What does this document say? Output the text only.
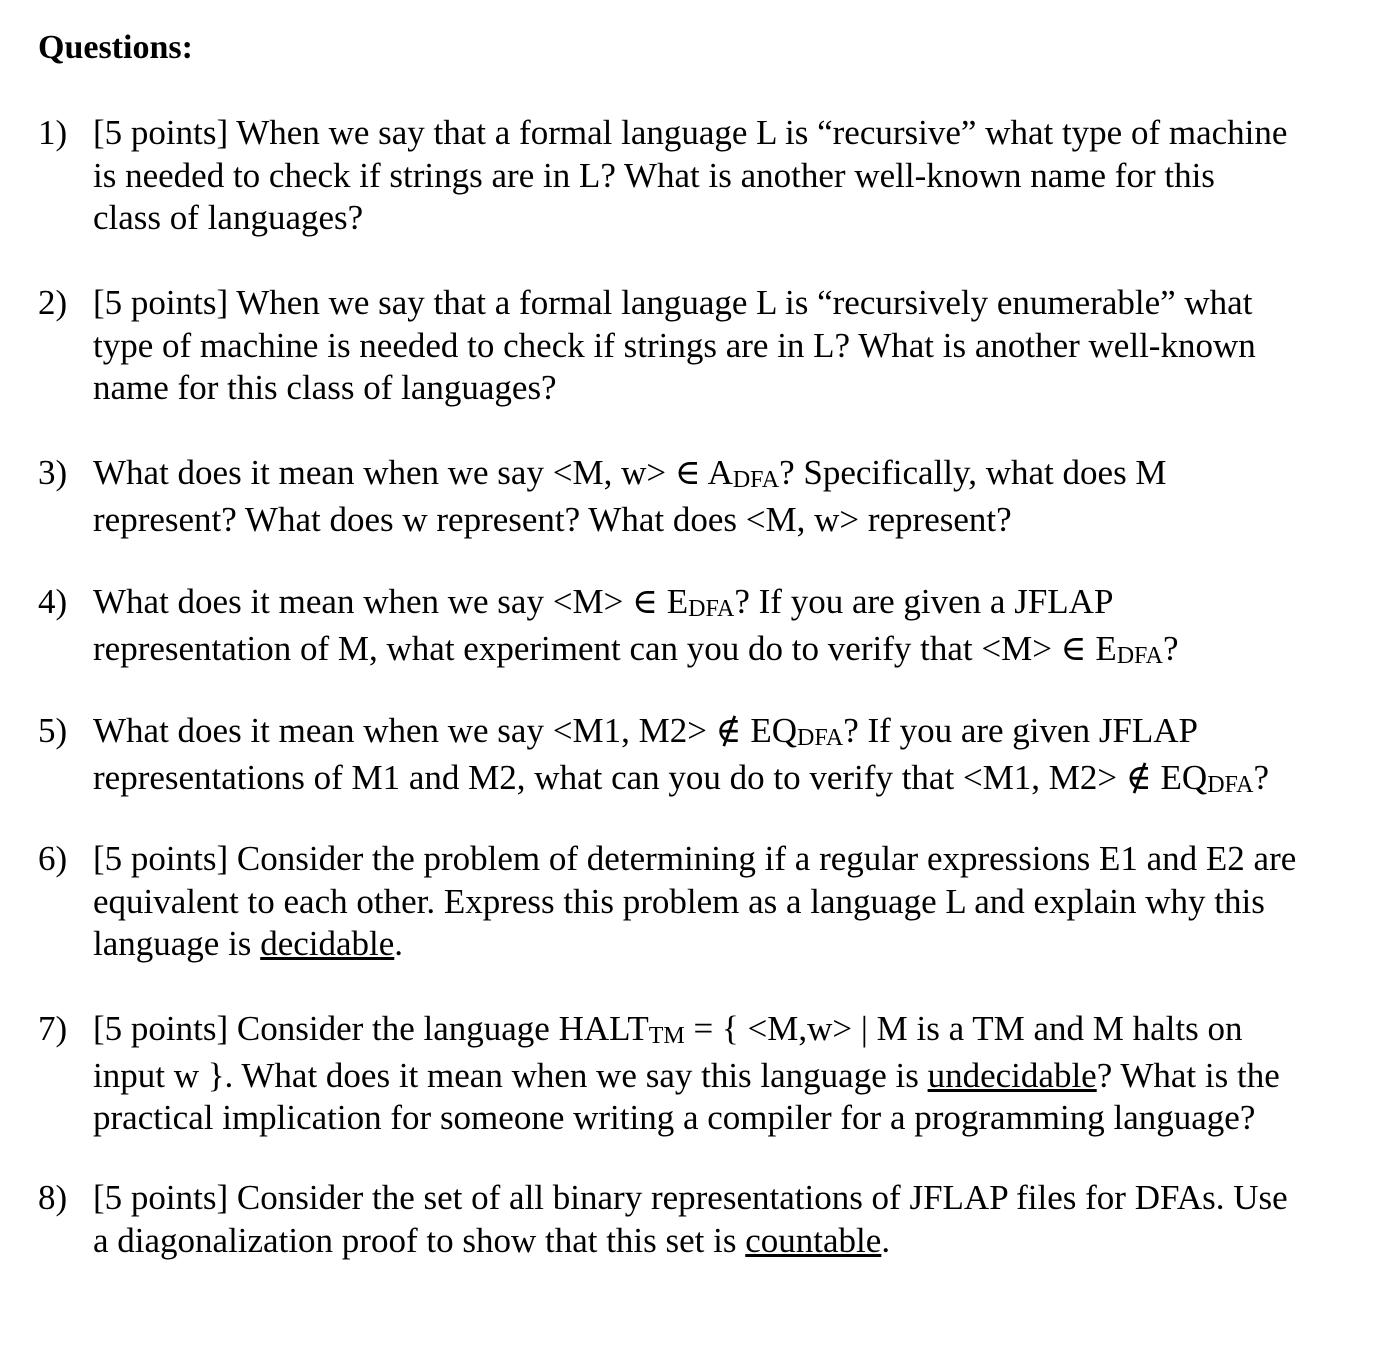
Questions:
1) [5 points] When we say that a formal language L is “recursive” what type of machine
is needed to check if strings are in L? What is another well-known name for this
class of languages?
2) [5 points] When we say that a formal language L is “recursively enumerable” what
type of machine is needed to check if strings are in L? What is another well-known
name for this class of languages?
3) What does it mean when we say <M, w> ∈ $A_{DFA}$? Specifically, what does M
represent? What does w represent? What does <M, w> represent?
4) What does it mean when we say <M> ∈ $E_{DFA}$? If you are given a JFLAP
representation of M, what experiment can you do to verify that <M> ∈ $E_{DFA}$?
5) What does it mean when we say <M1, M2> ∉ $EQ_{DFA}$? If you are given JFLAP
representations of M1 and M2, what can you do to verify that <M1, M2> ∉ $EQ_{DFA}$?
6) [5 points] Consider the problem of determining if a regular expressions E1 and E2 are
equivalent to each other. Express this problem as a language L and explain why this
language is decidable.
7) [5 points] Consider the language $HALT_{TM}$ = { <M,w> | M is a TM and M halts on
input w }. What does it mean when we say this language is undecidable? What is the
practical implication for someone writing a compiler for a programming language?
8) [5 points] Consider the set of all binary representations of JFLAP files for DFAs. Use
a diagonalization proof to show that this set is countable.
